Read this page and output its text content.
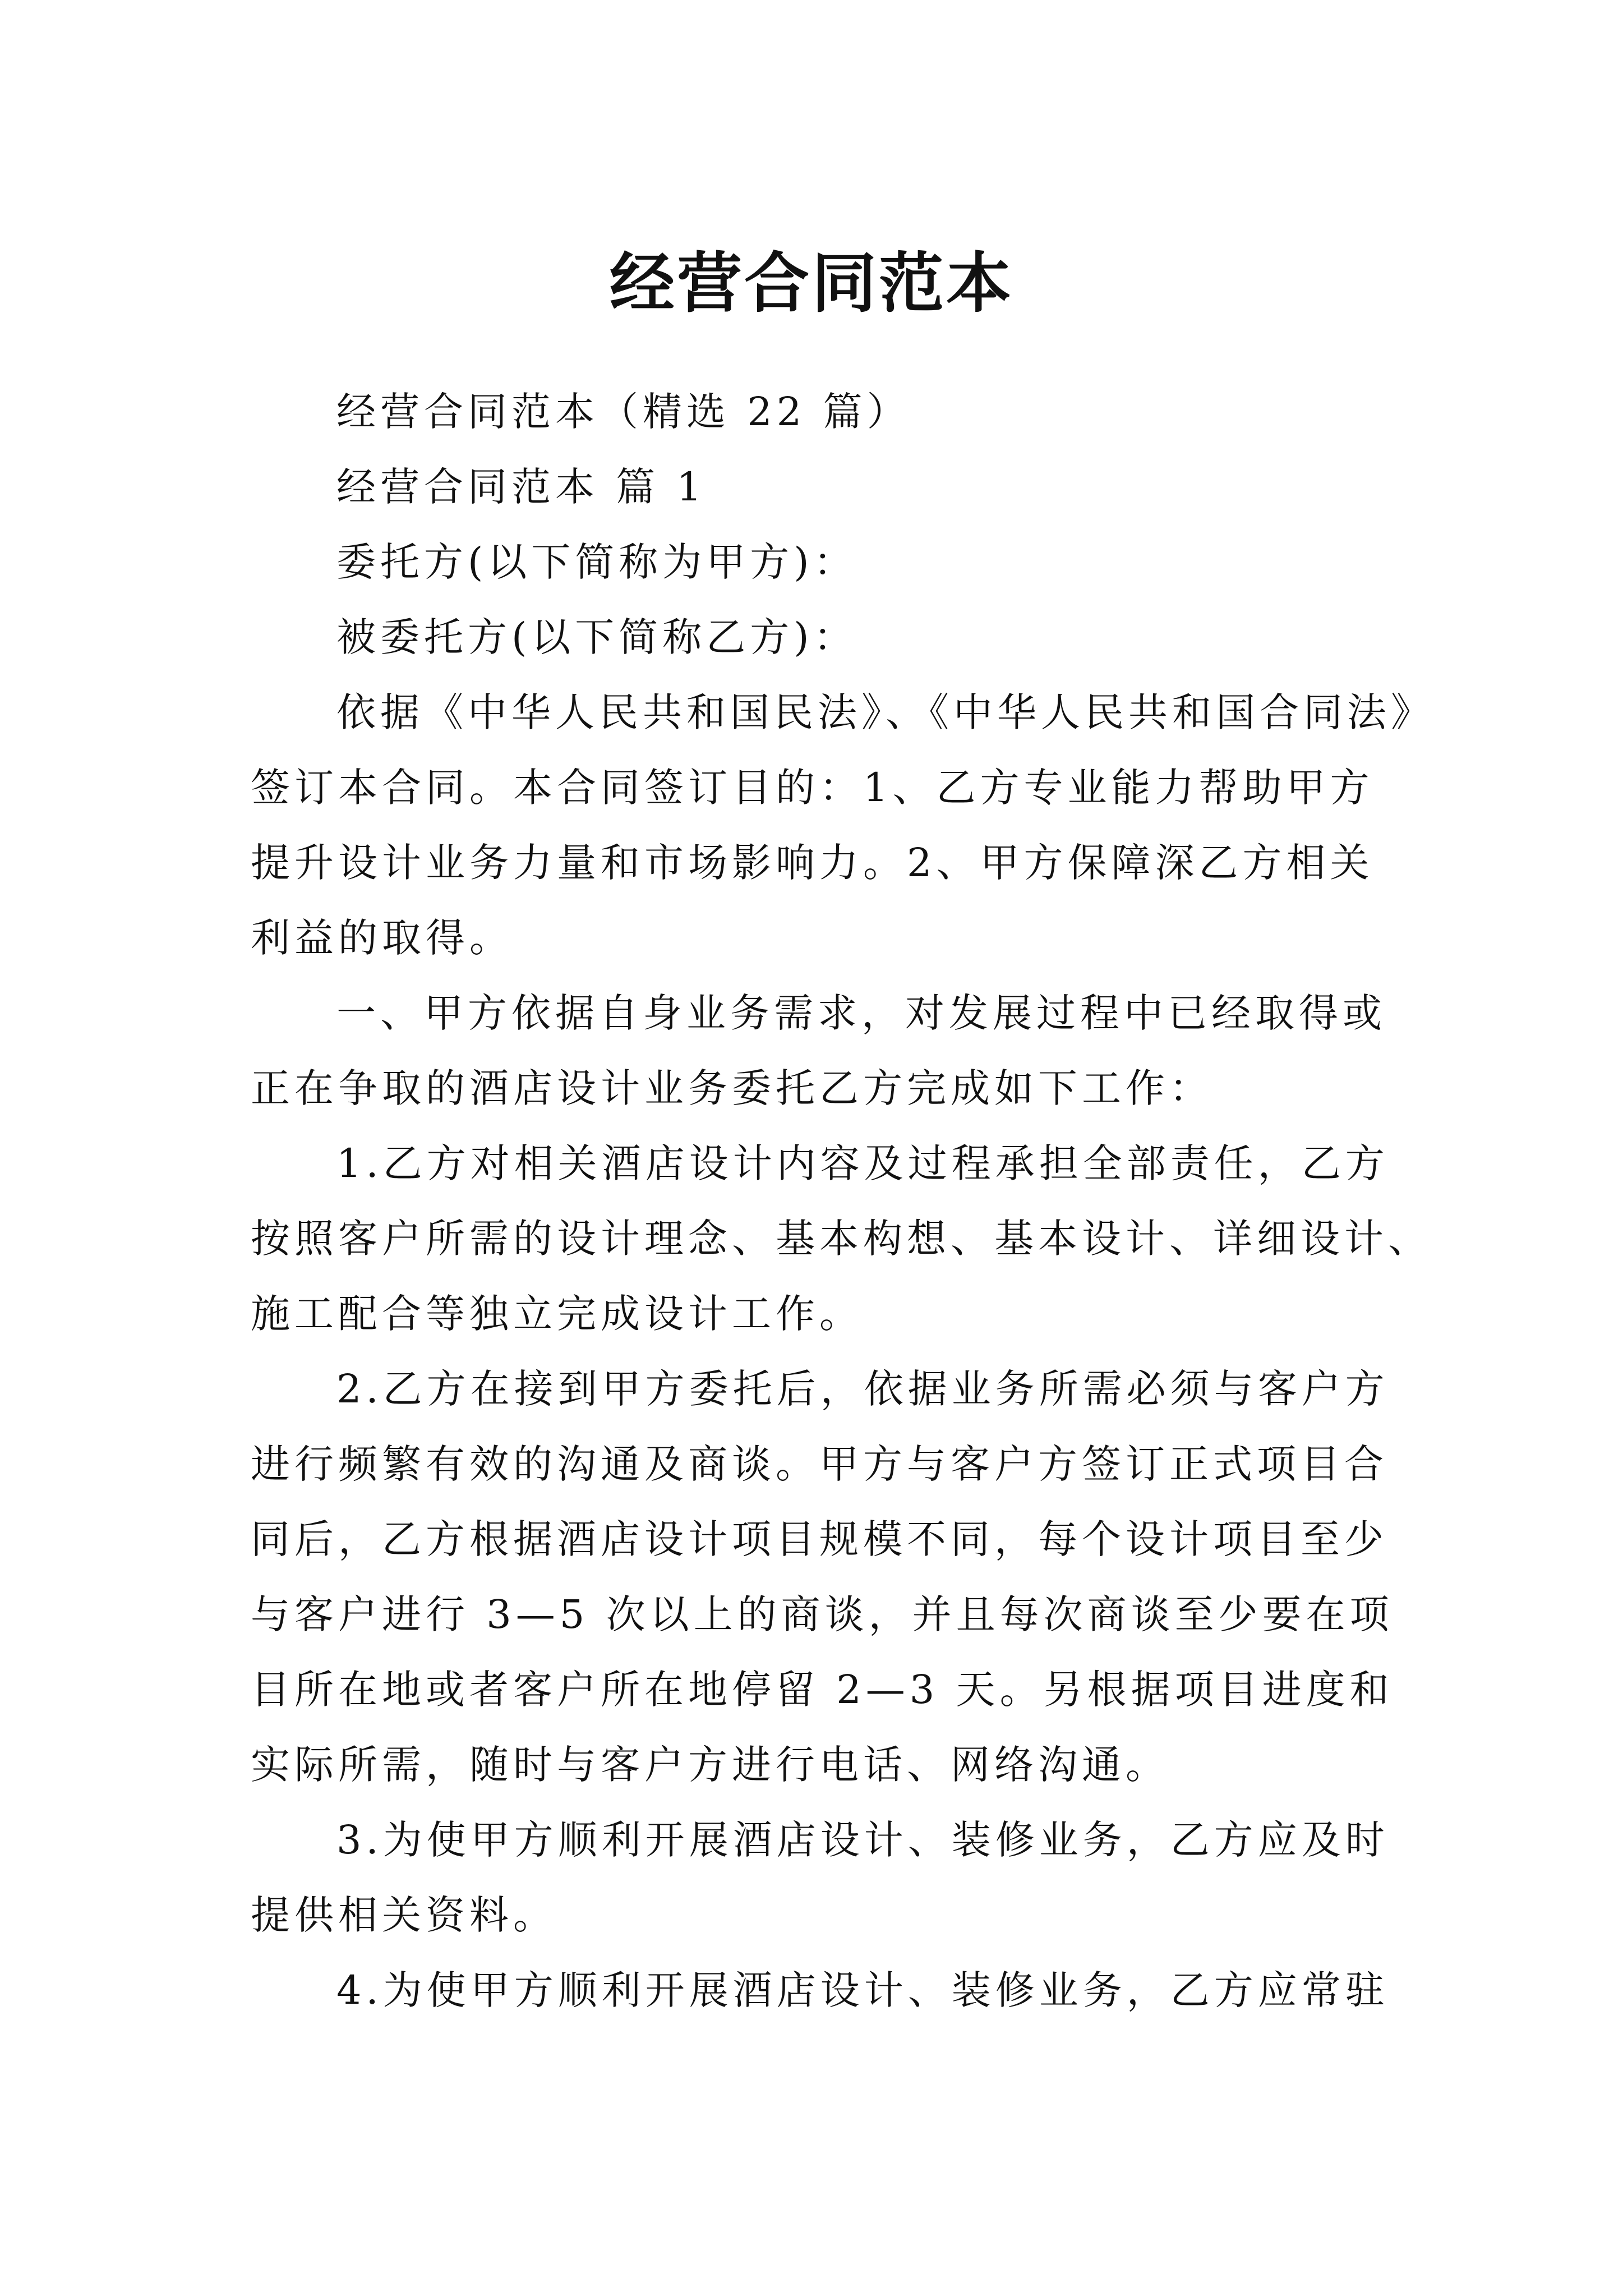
经营合同范本

经营合同范本（精选 22 篇）

经营合同范本 篇 1

委托方(以下简称为甲方)：

被委托方(以下简称乙方)：

依据《中华人民共和国民法》、《中华人民共和国合同法》

签订本合同。本合同签订目的：1、乙方专业能力帮助甲方

提升设计业务力量和市场影响力。2、甲方保障深乙方相关

利益的取得。

一、甲方依据自身业务需求，对发展过程中已经取得或

正在争取的酒店设计业务委托乙方完成如下工作：

1.乙方对相关酒店设计内容及过程承担全部责任，乙方

按照客户所需的设计理念、基本构想、基本设计、详细设计、

施工配合等独立完成设计工作。

2.乙方在接到甲方委托后，依据业务所需必须与客户方

进行频繁有效的沟通及商谈。甲方与客户方签订正式项目合

同后，乙方根据酒店设计项目规模不同，每个设计项目至少

与客户进行 3—5 次以上的商谈，并且每次商谈至少要在项

目所在地或者客户所在地停留 2—3 天。另根据项目进度和

实际所需，随时与客户方进行电话、网络沟通。

3.为使甲方顺利开展酒店设计、装修业务，乙方应及时

提供相关资料。

4.为使甲方顺利开展酒店设计、装修业务，乙方应常驻
